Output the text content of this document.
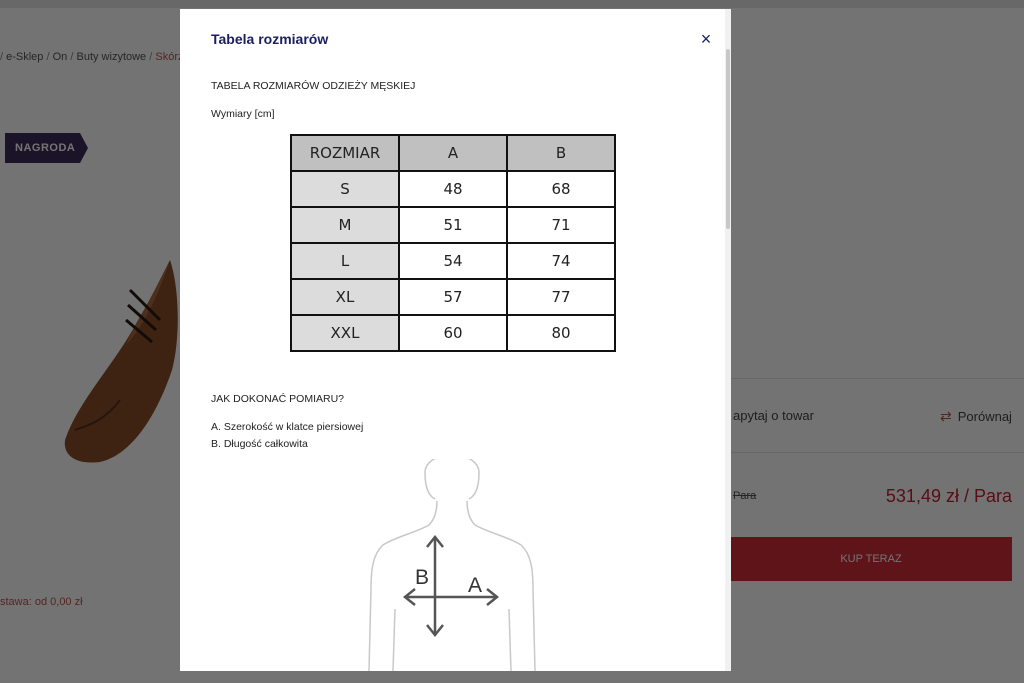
Tabela rozmiarów	×
TABELA ROZMIARÓW ODZIEŻY MĘSKIEJ
Wymiary [cm]
ROZMIAR	A	B
S	48	68
M	51	71
L	54	74
XL	57	77
XXL	60	80
JAK DOKONAĆ POMIARU?
A. Szerokość w klatce piersiowej
B. Długość całkowita
B A
